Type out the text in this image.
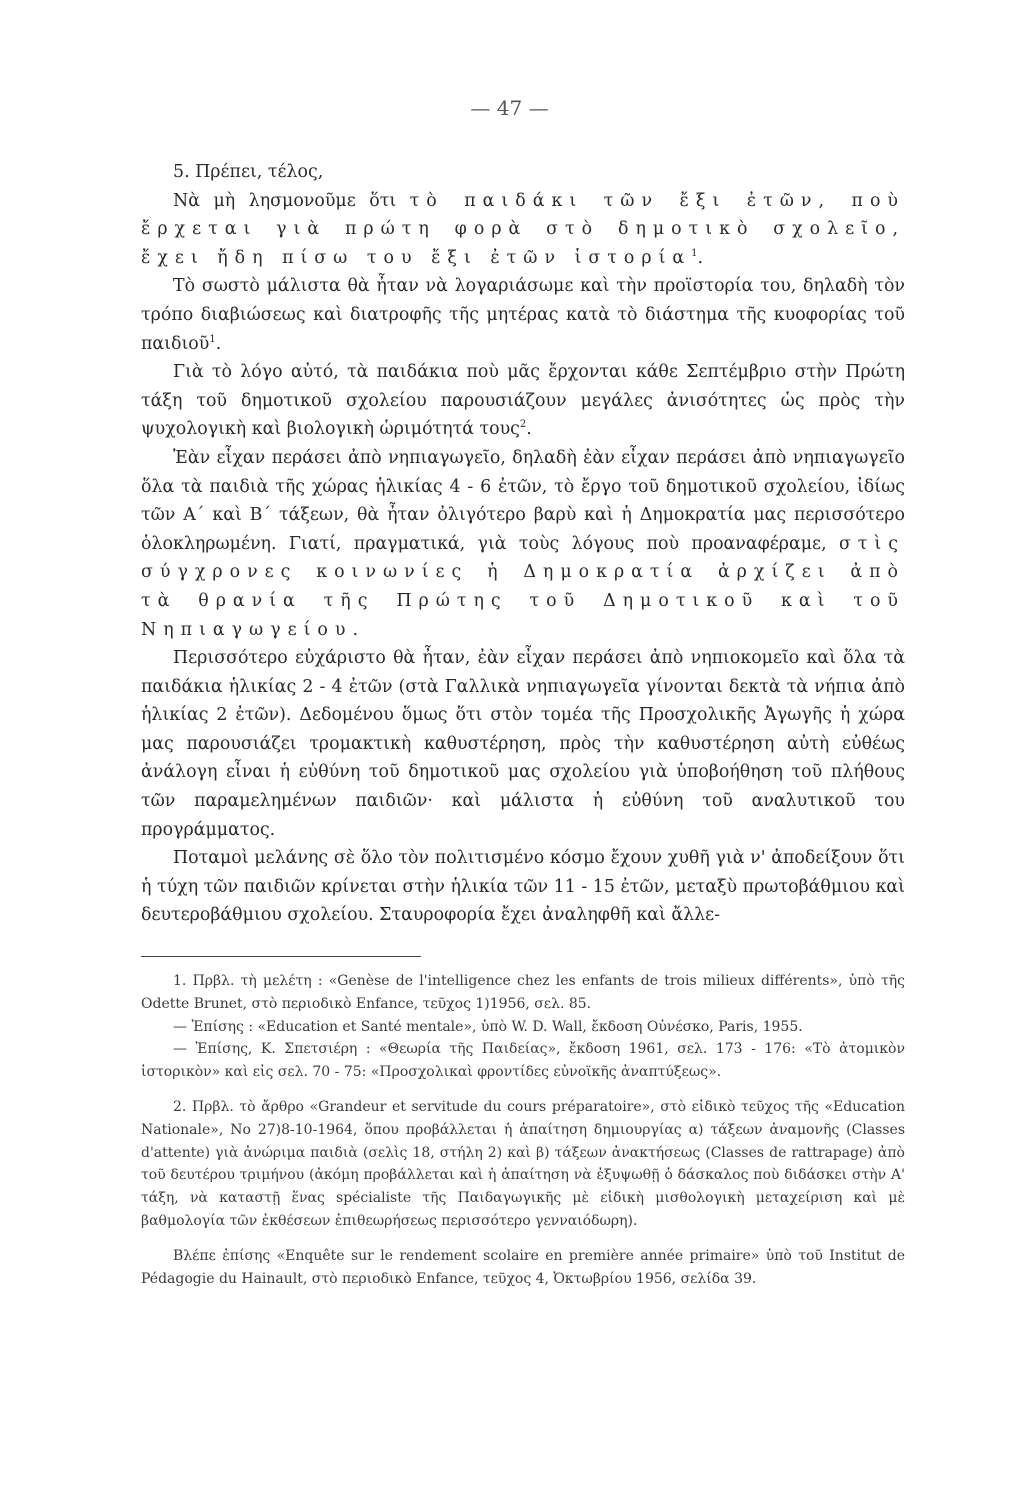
— 47 —

5. Πρέπει, τέλος,

Νὰ μὴ λησμονοῦμε ὅτι τὸ παιδάκι τῶν ἔξι ἐτῶν, ποὺ ἔρχεται γιὰ πρώτη φορὰ στὸ δημοτικὸ σχολεῖο, ἔχει ἤδη πίσω του ἔξι ἐτῶν ἱστορία$^1$.

Τὸ σωστὸ μάλιστα θὰ ἦταν νὰ λογαριάσωμε καὶ τὴν προϊστορία του, δηλαδὴ τὸν τρόπο διαβιώσεως καὶ διατροφῆς τῆς μητέρας κατὰ τὸ διάστημα τῆς κυοφορίας τοῦ παιδιοῦ$^1$.

Γιὰ τὸ λόγο αὐτό, τὰ παιδάκια ποὺ μᾶς ἔρχονται κάθε Σεπτέμβριο στὴν Πρώτη τάξη τοῦ δημοτικοῦ σχολείου παρουσιάζουν μεγάλες ἀνισότητες ὡς πρὸς τὴν ψυχολογικὴ καὶ βιολογικὴ ὡριμότητά τους$^2$.

Ἐὰν εἶχαν περάσει ἀπὸ νηπιαγωγεῖο, δηλαδὴ ἐὰν εἶχαν περάσει ἀπὸ νηπιαγωγεῖο ὅλα τὰ παιδιὰ τῆς χώρας ἡλικίας 4 - 6 ἐτῶν, τὸ ἔργο τοῦ δημοτικοῦ σχολείου, ἰδίως τῶν Α΄ καὶ Β΄ τάξεων, θὰ ἦταν ὀλιγότερο βαρὺ καὶ ἡ Δημοκρατία μας περισσότερο ὁλοκληρωμένη. Γιατί, πραγματικά, γιὰ τοὺς λόγους ποὺ προαναφέραμε, στὶς σύγχρονες κοινωνίες ἡ Δημοκρατία ἀρχίζει ἀπὸ τὰ θρανία τῆς Πρώτης τοῦ Δημοτικοῦ καὶ τοῦ Νηπιαγωγείου.

Περισσότερο εὐχάριστο θὰ ἦταν, ἐὰν εἶχαν περάσει ἀπὸ νηπιοκομεῖο καὶ ὅλα τὰ παιδάκια ἡλικίας 2 - 4 ἐτῶν (στὰ Γαλλικὰ νηπιαγωγεῖα γίνονται δεκτὰ τὰ νήπια ἀπὸ ἡλικίας 2 ἐτῶν). Δεδομένου ὅμως ὅτι στὸν τομέα τῆς Προσχολικῆς Ἀγωγῆς ἡ χώρα μας παρουσιάζει τρομακτικὴ καθυστέρηση, πρὸς τὴν καθυστέρηση αὐτὴ εὐθέως ἀνάλογη εἶναι ἡ εὐθύνη τοῦ δημοτικοῦ μας σχολείου γιὰ ὑποβοήθηση τοῦ πλήθους τῶν παραμελημένων παιδιῶν· καὶ μάλιστα ἡ εὐθύνη τοῦ αναλυτικοῦ του προγράμματος.

Ποταμοὶ μελάνης σὲ ὅλο τὸν πολιτισμένο κόσμο ἔχουν χυθῆ γιὰ ν' ἀποδείξουν ὅτι ἡ τύχη τῶν παιδιῶν κρίνεται στὴν ἡλικία τῶν 11 - 15 ἐτῶν, μεταξὺ πρωτοβάθμιου καὶ δευτεροβάθμιου σχολείου. Σταυροφορία ἔχει ἀναληφθῆ καὶ ἄλλε-

1. Πρβλ. τὴ μελέτη : «Genèse de l'intelligence chez les enfants de trois milieux différents», ὑπὸ τῆς Odette Brunet, στὸ περιοδικὸ Enfance, τεῦχος 1)1956, σελ. 85.

— Ἐπίσης : «Education et Santé mentale», ὑπὸ W. D. Wall, ἔκδοση Οὐνέσκο, Paris, 1955.

— Ἐπίσης, Κ. Σπετσιέρη : «Θεωρία τῆς Παιδείας», ἔκδοση 1961, σελ. 173 - 176: «Τὸ ἀτομικὸν ἱστορικὸν» καὶ εἰς σελ. 70 - 75: «Προσχολικαὶ φροντίδες εὐνοϊκῆς ἀναπτύξεως».

2. Πρβλ. τὸ ἄρθρο «Grandeur et servitude du cours préparatoire», στὸ εἰδικὸ τεῦχος τῆς «Education Nationale», No 27)8-10-1964, ὅπου προβάλλεται ἡ ἀπαίτηση δημιουργίας α) τάξεων ἀναμονῆς (Classes d'attente) γιὰ ἀνώριμα παιδιὰ (σελὶς 18, στήλη 2) καὶ β) τάξεων ἀνακτήσεως (Classes de rattrapage) ἀπὸ τοῦ δευτέρου τριμήνου (ἀκόμη προβάλλεται καὶ ἡ ἀπαίτηση νὰ ἐξυψωθῇ ὁ δάσκαλος ποὺ διδάσκει στὴν Α' τάξη, νὰ καταστῇ ἕνας spécialiste τῆς Παιδαγωγικῆς μὲ εἰδικὴ μισθολογικὴ μεταχείριση καὶ μὲ βαθμολογία τῶν ἐκθέσεων ἐπιθεωρήσεως περισσότερο γενναιόδωρη).

Βλέπε ἐπίσης «Enquête sur le rendement scolaire en première année primaire» ὑπὸ τοῦ Institut de Pédagogie du Hainault, στὸ περιοδικὸ Enfance, τεῦχος 4, Ὀκτωβρίου 1956, σελίδα 39.
